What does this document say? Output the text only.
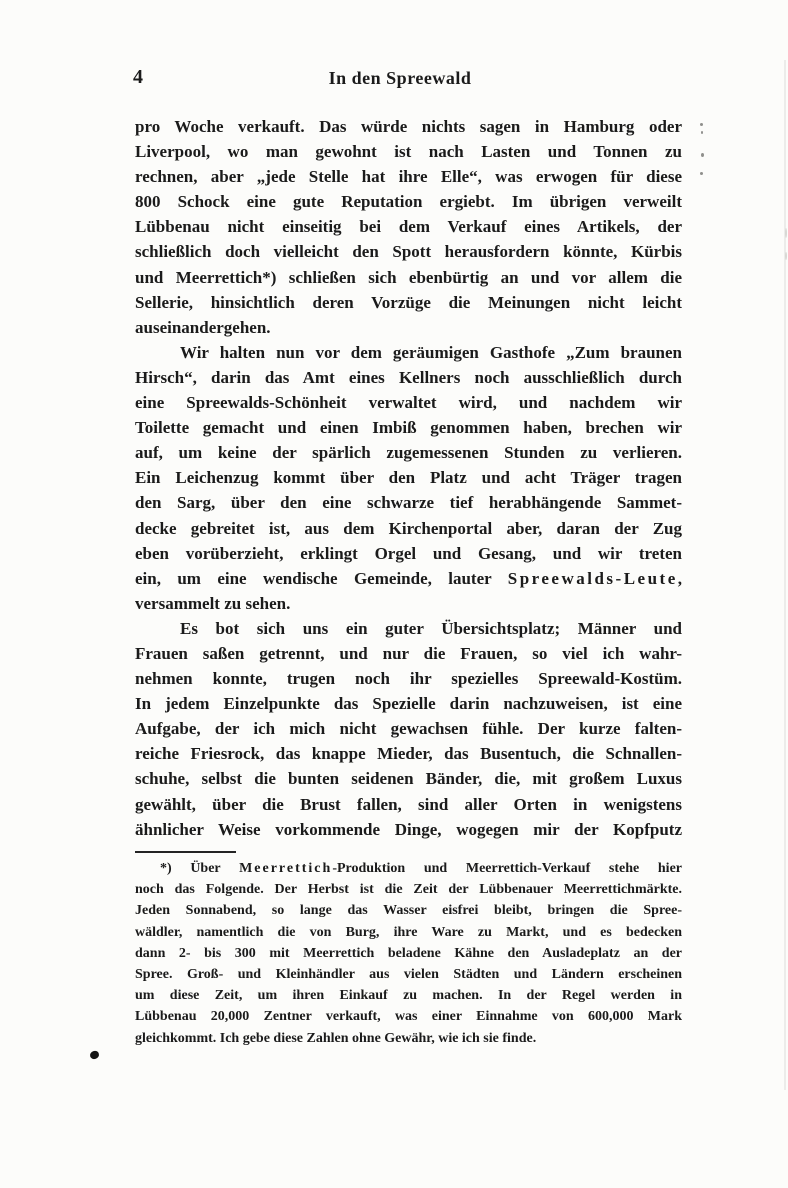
4	In den Spreewald
pro Woche verkauft. Das würde nichts sagen in Hamburg oder
Liverpool, wo man gewohnt ist nach Lasten und Tonnen zu
rechnen, aber „jede Stelle hat ihre Elle“, was erwogen für diese
800 Schock eine gute Reputation ergiebt. Im übrigen verweilt
Lübbenau nicht einseitig bei dem Verkauf eines Artikels, der
schließlich doch vielleicht den Spott herausfordern könnte, Kürbis
und Meerrettich*) schließen sich ebenbürtig an und vor allem die
Sellerie, hinsichtlich deren Vorzüge die Meinungen nicht leicht
auseinandergehen.
Wir halten nun vor dem geräumigen Gasthofe „Zum braunen
Hirsch“, darin das Amt eines Kellners noch ausschließlich durch
eine Spreewalds-Schönheit verwaltet wird, und nachdem wir
Toilette gemacht und einen Imbiß genommen haben, brechen wir
auf, um keine der spärlich zugemessenen Stunden zu verlieren.
Ein Leichenzug kommt über den Platz und acht Träger tragen
den Sarg, über den eine schwarze tief herabhängende Sammet-
decke gebreitet ist, aus dem Kirchenportal aber, daran der Zug
eben vorüberzieht, erklingt Orgel und Gesang, und wir treten
ein, um eine wendische Gemeinde, lauter Spreewalds-Leute,
versammelt zu sehen.
Es bot sich uns ein guter Übersichtsplatz; Männer und
Frauen saßen getrennt, und nur die Frauen, so viel ich wahr-
nehmen konnte, trugen noch ihr spezielles Spreewald-Kostüm.
In jedem Einzelpunkte das Spezielle darin nachzuweisen, ist eine
Aufgabe, der ich mich nicht gewachsen fühle. Der kurze falten-
reiche Friesrock, das knappe Mieder, das Busentuch, die Schnallen-
schuhe, selbst die bunten seidenen Bänder, die, mit großem Luxus
gewählt, über die Brust fallen, sind aller Orten in wenigstens
ähnlicher Weise vorkommende Dinge, wogegen mir der Kopfputz
*) Über Meerrettich-Produktion und Meerrettich-Verkauf stehe hier
noch das Folgende. Der Herbst ist die Zeit der Lübbenauer Meerrettichmärkte.
Jeden Sonnabend, so lange das Wasser eisfrei bleibt, bringen die Spree-
wäldler, namentlich die von Burg, ihre Ware zu Markt, und es bedecken
dann 2- bis 300 mit Meerrettich beladene Kähne den Ausladeplatz an der
Spree. Groß- und Kleinhändler aus vielen Städten und Ländern erscheinen
um diese Zeit, um ihren Einkauf zu machen. In der Regel werden in
Lübbenau 20,000 Zentner verkauft, was einer Einnahme von 600,000 Mark
gleichkommt. Ich gebe diese Zahlen ohne Gewähr, wie ich sie finde.
